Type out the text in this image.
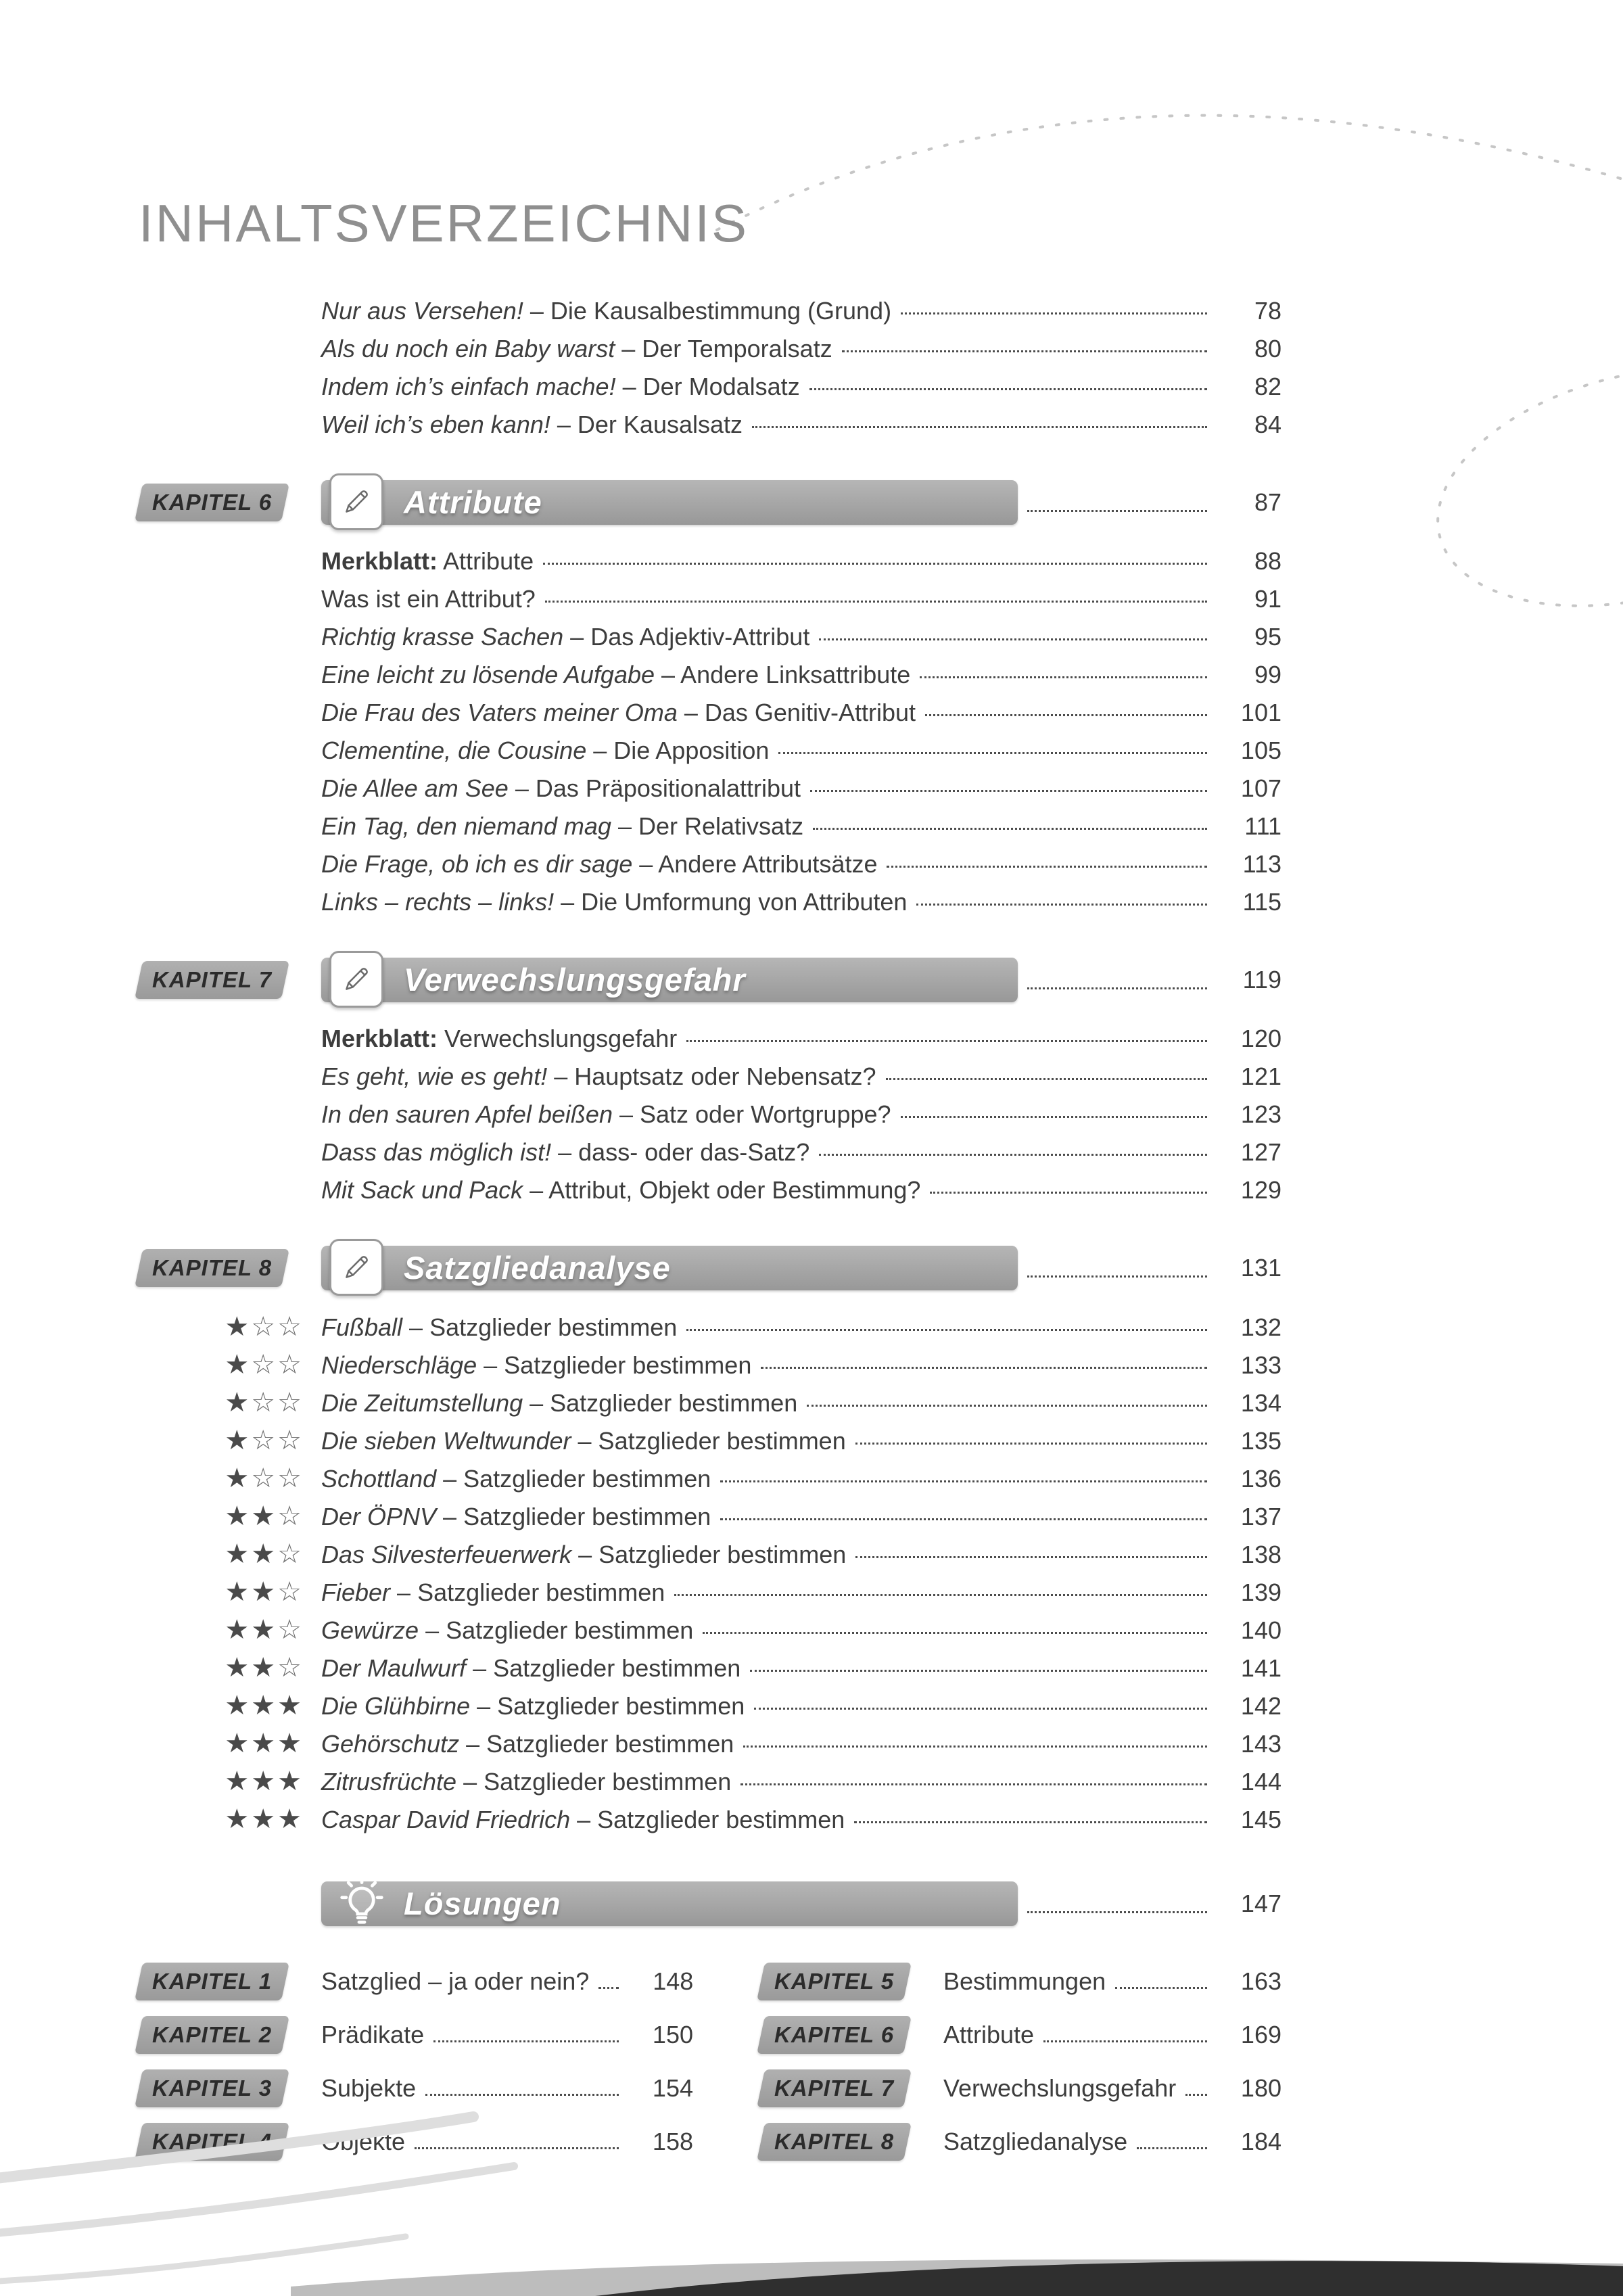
INHALTSVERZEICHNIS
Nur aus Versehen! – Die Kausalbestimmung (Grund)	78
Als du noch ein Baby warst – Der Temporalsatz	80
Indem ich’s einfach mache! – Der Modalsatz	82
Weil ich’s eben kann! – Der Kausalsatz	84
KAPITEL 6	Attribute	87
Merkblatt: Attribute	88
Was ist ein Attribut?	91
Richtig krasse Sachen – Das Adjektiv-Attribut	95
Eine leicht zu lösende Aufgabe – Andere Linksattribute	99
Die Frau des Vaters meiner Oma – Das Genitiv-Attribut	101
Clementine, die Cousine – Die Apposition	105
Die Allee am See – Das Präpositionalattribut	107
Ein Tag, den niemand mag – Der Relativsatz	111
Die Frage, ob ich es dir sage – Andere Attributsätze	113
Links – rechts – links! – Die Umformung von Attributen	115
KAPITEL 7	Verwechslungsgefahr	119
Merkblatt: Verwechslungsgefahr	120
Es geht, wie es geht! – Hauptsatz oder Nebensatz?	121
In den sauren Apfel beißen – Satz oder Wortgruppe?	123
Dass das möglich ist! – dass- oder das-Satz?	127
Mit Sack und Pack – Attribut, Objekt oder Bestimmung?	129
KAPITEL 8	Satzgliedanalyse	131
★ ☆ ☆ Fußball – Satzglieder bestimmen	132
★ ☆ ☆ Niederschläge – Satzglieder bestimmen	133
★ ☆ ☆ Die Zeitumstellung – Satzglieder bestimmen	134
★ ☆ ☆ Die sieben Weltwunder – Satzglieder bestimmen	135
★ ☆ ☆ Schottland – Satzglieder bestimmen	136
★ ★ ☆ Der ÖPNV – Satzglieder bestimmen	137
★ ★ ☆ Das Silvesterfeuerwerk – Satzglieder bestimmen	138
★ ★ ☆ Fieber – Satzglieder bestimmen	139
★ ★ ☆ Gewürze – Satzglieder bestimmen	140
★ ★ ☆ Der Maulwurf – Satzglieder bestimmen	141
★ ★ ★ Die Glühbirne – Satzglieder bestimmen	142
★ ★ ★ Gehörschutz – Satzglieder bestimmen	143
★ ★ ★ Zitrusfrüchte – Satzglieder bestimmen	144
★ ★ ★ Caspar David Friedrich – Satzglieder bestimmen	145
Lösungen	147
KAPITEL 1 Satzglied – ja oder nein?	148
KAPITEL 2 Prädikate	150
KAPITEL 3 Subjekte	154
KAPITEL 4 Objekte	158
KAPITEL 5 Bestimmungen	163
KAPITEL 6 Attribute	169
KAPITEL 7 Verwechslungsgefahr	180
KAPITEL 8 Satzgliedanalyse	184
